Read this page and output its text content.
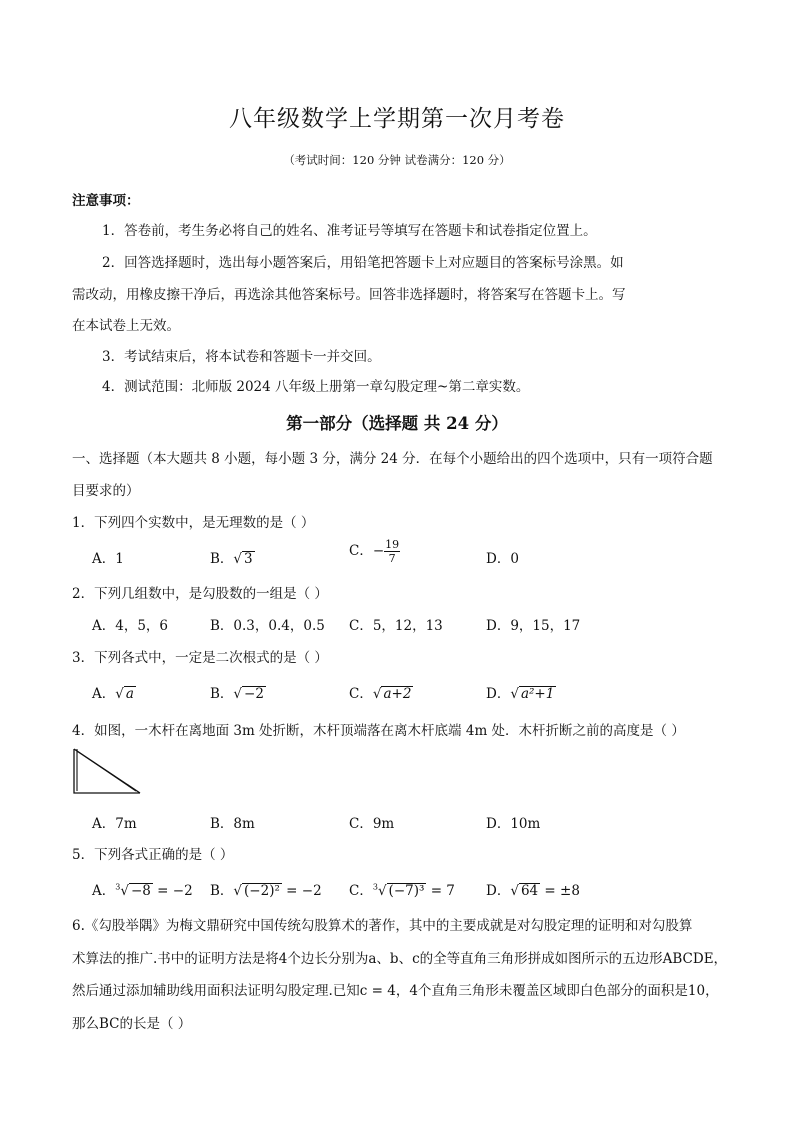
八年级数学上学期第一次月考卷
（考试时间：120 分钟 试卷满分：120 分）
注意事项：
1．答卷前，考生务必将自己的姓名、准考证号等填写在答题卡和试卷指定位置上。
2．回答选择题时，选出每小题答案后，用铅笔把答题卡上对应题目的答案标号涂黑。如
需改动，用橡皮擦干净后，再选涂其他答案标号。回答非选择题时，将答案写在答题卡上。写
在本试卷上无效。
3．考试结束后，将本试卷和答题卡一并交回。
4．测试范围：北师版 2024 八年级上册第一章勾股定理~第二章实数。
第一部分（选择题 共 24 分）
一、选择题（本大题共 8 小题，每小题 3 分，满分 24 分．在每个小题给出的四个选项中，只有一项符合题
目要求的）
1．下列四个实数中，是无理数的是（ ）
A．1	B．√ 3	C．− $\frac{19}{7}$	D．0
2．下列几组数中，是勾股数的一组是（ ）
A．4，5，6	B．0.3，0.4，0.5 C．5，12，13	D．9，15，17
3．下列各式中，一定是二次根式的是（ ）
A．√ a	B．√ −2	C．√ a+2	D．√ a²+1
4．如图，一木杆在离地面 3m 处折断，木杆顶端落在离木杆底端 4m 处．木杆折断之前的高度是（ ）
A．7m	B．8m	C．9m	D．10m
5．下列各式正确的是（ ）
A．$^3$√ −8 = −2 B．√ (−2)² = −2 C．$^3$√ (−7)³ = 7 D．√ 64 = ±8
6.《勾股举隅》为梅文鼎研究中国传统勾股算术的著作，其中的主要成就是对勾股定理的证明和对勾股算
术算法的推广.书中的证明方法是将4个边长分别为a、b、c的全等直角三角形拼成如图所示的五边形ABCDE，
然后通过添加辅助线用面积法证明勾股定理.已知c = 4，4个直角三角形未覆盖区域即白色部分的面积是10，
那么BC的长是（ ）
